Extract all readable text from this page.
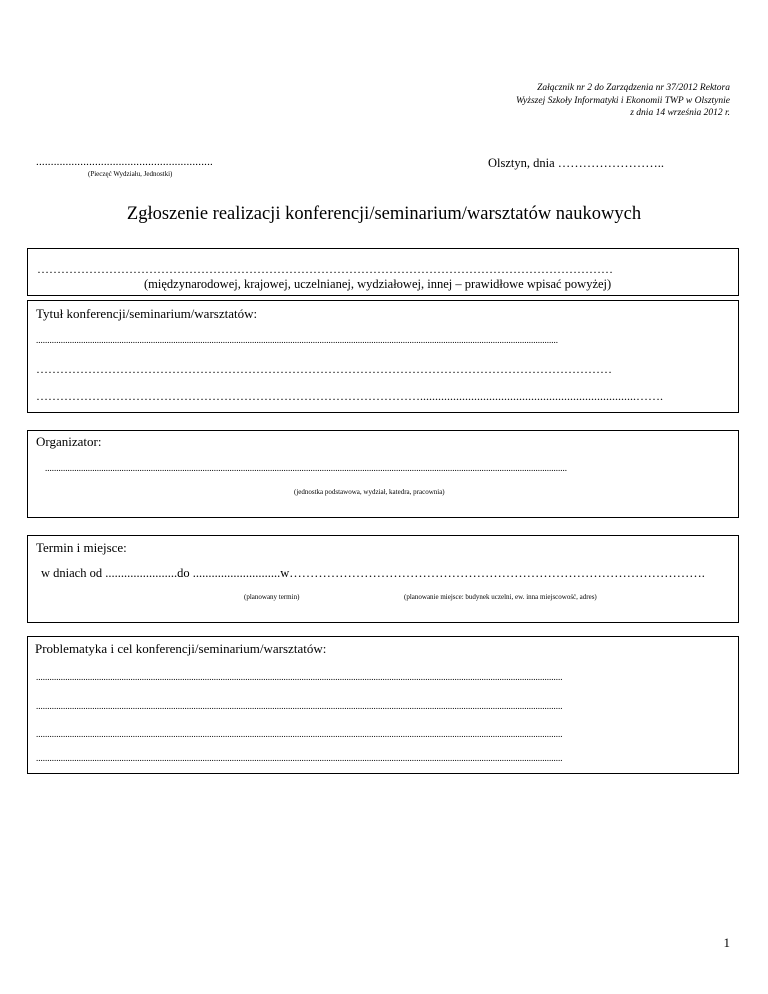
Załącznik nr 2 do Zarządzenia nr 37/2012 Rektora
Wyższej Szkoły Informatyki i Ekonomii TWP w Olsztynie
z dnia 14 września 2012 r.
............................................................
(Pieczęć Wydziału, Jednostki)
Olsztyn, dnia ……………………..
Zgłoszenie realizacji konferencji/seminarium/warsztatów naukowych
………………………………………………………………………………………………………………………………
(międzynarodowej, krajowej, uczelnianej, wydziałowej, innej – prawidłowe wpisać powyżej)
Tytuł konferencji/seminarium/warsztatów:
........................................................................................................................................................................................................................................
………………………………………………………………………………………………………………………………
……………………………………………………………………………………........................................................................…….
Organizator:
........................................................................................................................................................................................................................................
(jednostka podstawowa, wydział, katedra, pracownia)
Termin i miejsce:
w dniach od .......................do ............................w……………………………………………………………………………………….
(planowany termin)	(planowanie miejsce: budynek uczelni, ew. inna miejscowość, adres)
Problematyka i cel konferencji/seminarium/warsztatów:
..........................................................................................................................................................................................................................................
..........................................................................................................................................................................................................................................
..........................................................................................................................................................................................................................................
..........................................................................................................................................................................................................................................
1
